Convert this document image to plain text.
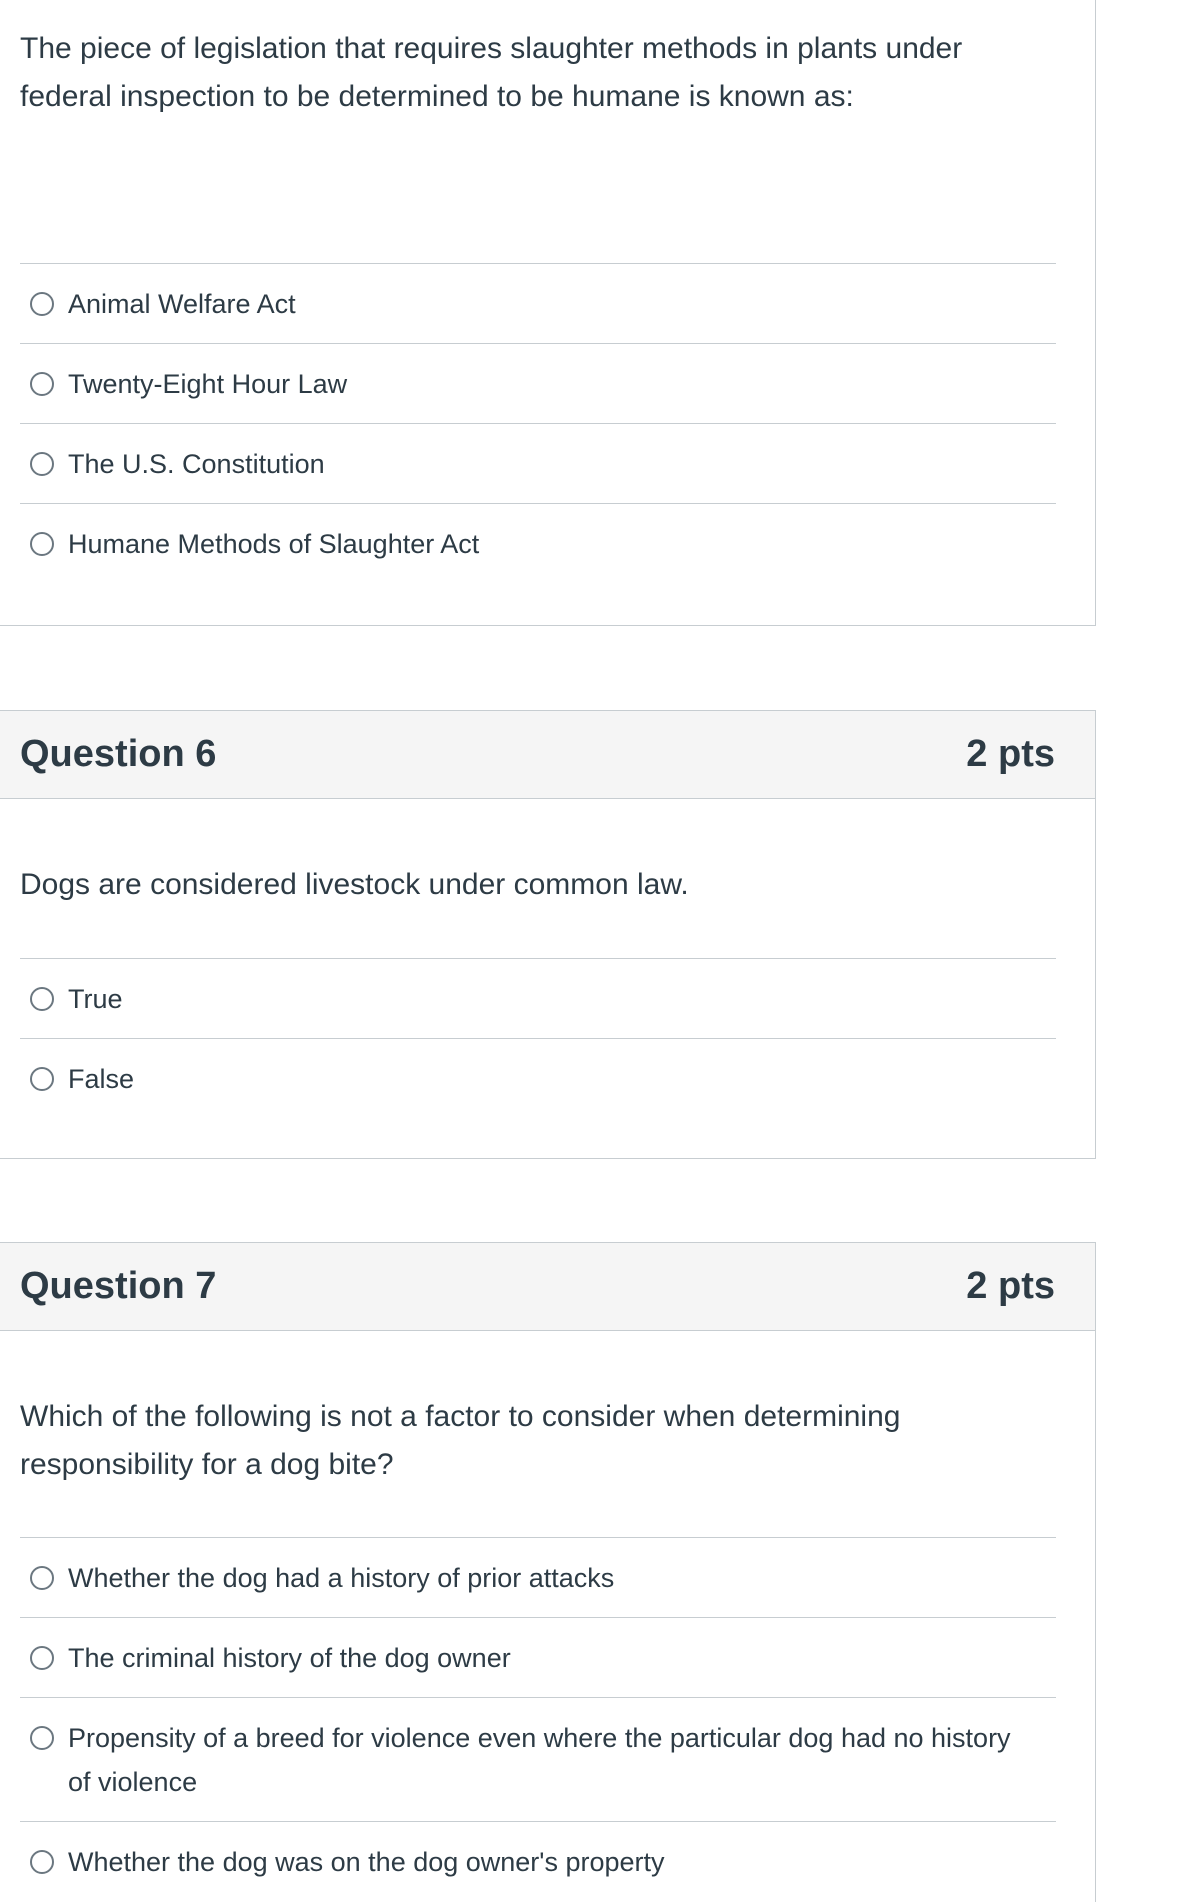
The piece of legislation that requires slaughter methods in plants under federal inspection to be determined to be humane is known as:

Animal Welfare Act
Twenty-Eight Hour Law
The U.S. Constitution
Humane Methods of Slaughter Act
Question 6	2 pts

Dogs are considered livestock under common law.

True
False
Question 7	2 pts

Which of the following is not a factor to consider when determining responsibility for a dog bite?

Whether the dog had a history of prior attacks
The criminal history of the dog owner
Propensity of a breed for violence even where the particular dog had no history of violence
Whether the dog was on the dog owner's property
